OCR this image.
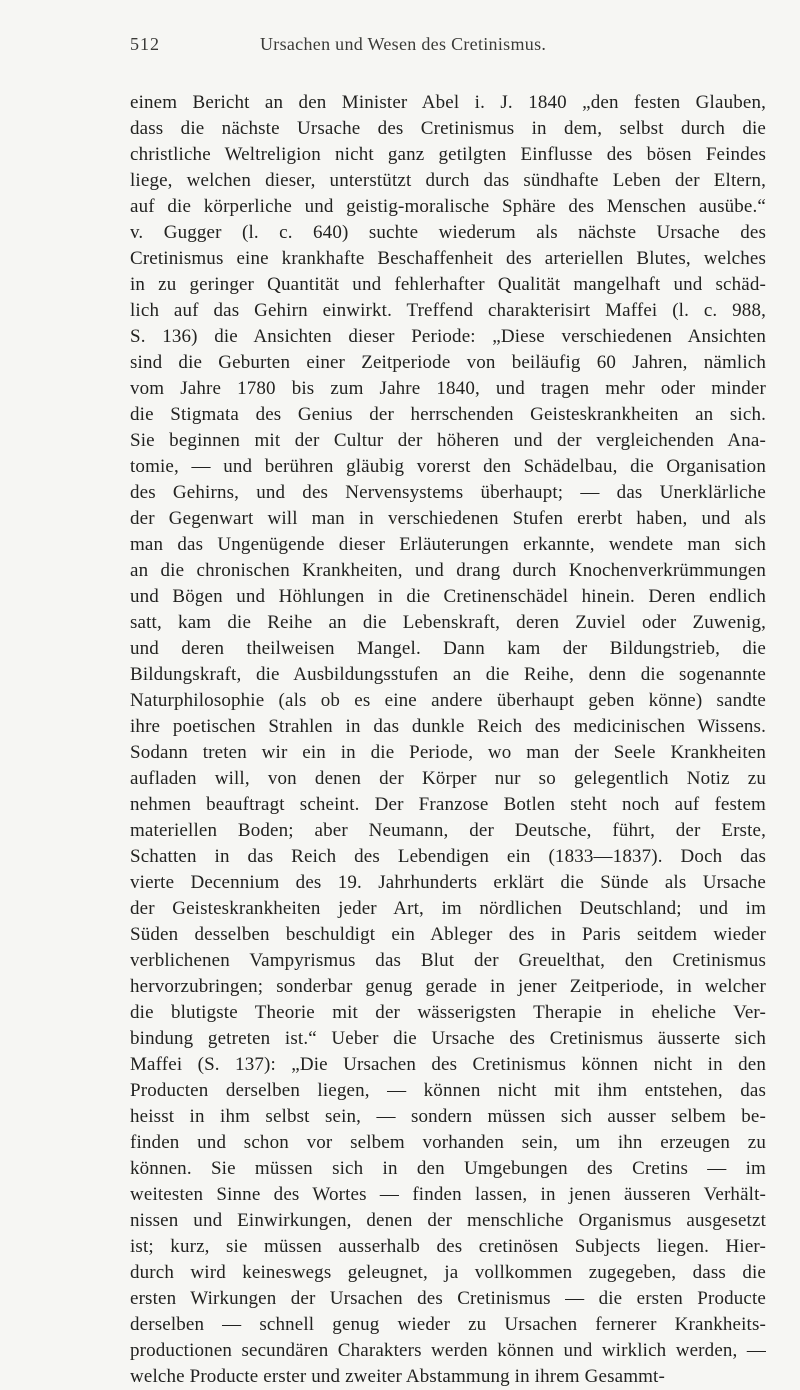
512	Ursachen und Wesen des Cretinismus.
einem Bericht an den Minister Abel i. J. 1840 „den festen Glauben,
dass die nächste Ursache des Cretinismus in dem, selbst durch die
christliche Weltreligion nicht ganz getilgten Einflusse des bösen Feindes
liege, welchen dieser, unterstützt durch das sündhafte Leben der Eltern,
auf die körperliche und geistig-moralische Sphäre des Menschen ausübe.“
v. Gugger (l. c. 640) suchte wiederum als nächste Ursache des
Cretinismus eine krankhafte Beschaffenheit des arteriellen Blutes, welches
in zu geringer Quantität und fehlerhafter Qualität mangelhaft und schäd-
lich auf das Gehirn einwirkt. Treffend charakterisirt Maffei (l. c. 988,
S. 136) die Ansichten dieser Periode: „Diese verschiedenen Ansichten
sind die Geburten einer Zeitperiode von beiläufig 60 Jahren, nämlich
vom Jahre 1780 bis zum Jahre 1840, und tragen mehr oder minder
die Stigmata des Genius der herrschenden Geisteskrankheiten an sich.
Sie beginnen mit der Cultur der höheren und der vergleichenden Ana-
tomie, — und berühren gläubig vorerst den Schädelbau, die Organisation
des Gehirns, und des Nervensystems überhaupt; — das Unerklärliche
der Gegenwart will man in verschiedenen Stufen ererbt haben, und als
man das Ungenügende dieser Erläuterungen erkannte, wendete man sich
an die chronischen Krankheiten, und drang durch Knochenverkrümmungen
und Bögen und Höhlungen in die Cretinenschädel hinein. Deren endlich
satt, kam die Reihe an die Lebenskraft, deren Zuviel oder Zuwenig,
und deren theilweisen Mangel. Dann kam der Bildungstrieb, die
Bildungskraft, die Ausbildungsstufen an die Reihe, denn die sogenannte
Naturphilosophie (als ob es eine andere überhaupt geben könne) sandte
ihre poetischen Strahlen in das dunkle Reich des medicinischen Wissens.
Sodann treten wir ein in die Periode, wo man der Seele Krankheiten
aufladen will, von denen der Körper nur so gelegentlich Notiz zu
nehmen beauftragt scheint. Der Franzose Botlen steht noch auf festem
materiellen Boden; aber Neumann, der Deutsche, führt, der Erste,
Schatten in das Reich des Lebendigen ein (1833—1837). Doch das
vierte Decennium des 19. Jahrhunderts erklärt die Sünde als Ursache
der Geisteskrankheiten jeder Art, im nördlichen Deutschland; und im
Süden desselben beschuldigt ein Ableger des in Paris seitdem wieder
verblichenen Vampyrismus das Blut der Greuelthat, den Cretinismus
hervorzubringen; sonderbar genug gerade in jener Zeitperiode, in welcher
die blutigste Theorie mit der wässerigsten Therapie in eheliche Ver-
bindung getreten ist.“ Ueber die Ursache des Cretinismus äusserte sich
Maffei (S. 137): „Die Ursachen des Cretinismus können nicht in den
Producten derselben liegen, — können nicht mit ihm entstehen, das
heisst in ihm selbst sein, — sondern müssen sich ausser selbem be-
finden und schon vor selbem vorhanden sein, um ihn erzeugen zu
können. Sie müssen sich in den Umgebungen des Cretins — im
weitesten Sinne des Wortes — finden lassen, in jenen äusseren Verhält-
nissen und Einwirkungen, denen der menschliche Organismus ausgesetzt
ist; kurz, sie müssen ausserhalb des cretinösen Subjects liegen. Hier-
durch wird keineswegs geleugnet, ja vollkommen zugegeben, dass die
ersten Wirkungen der Ursachen des Cretinismus — die ersten Producte
derselben — schnell genug wieder zu Ursachen fernerer Krankheits-
productionen secundären Charakters werden können und wirklich werden, —
welche Producte erster und zweiter Abstammung in ihrem Gesammt-
